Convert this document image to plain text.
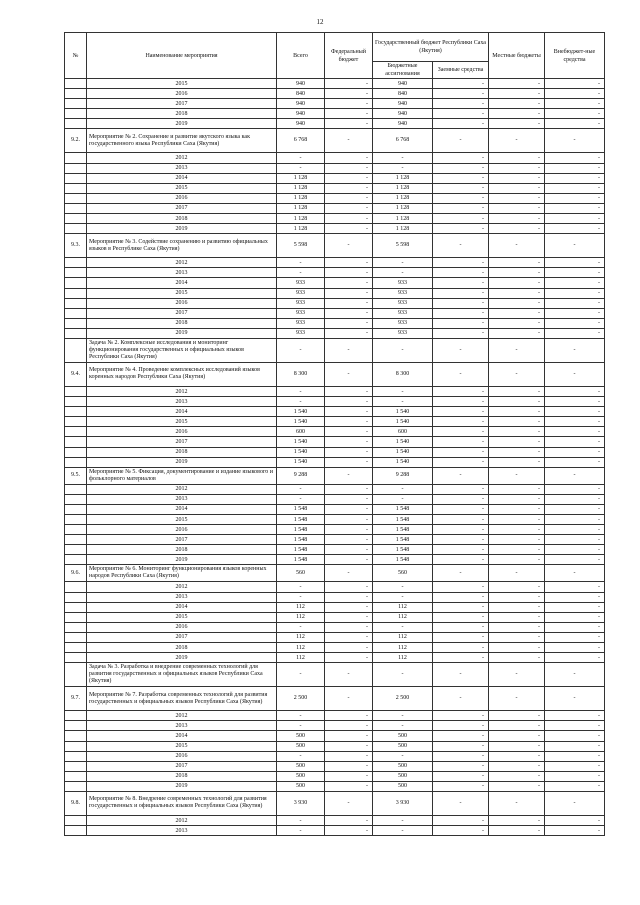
12
№	Наименование мероприятия	Всего	Федеральный бюджет	Государственный бюджет Республики Саха (Якутия)		Местные бюджеты	Внебюджет-ные средства
				Бюджетные ассигнования	Заемные средства		
	2015	940	-	940	-	-	-
	2016	840	-	840	-	-	-
	2017	940	-	940	-	-	-
	2018	940	-	940	-	-	-
	2019	940	-	940	-	-	-
9.2.	Мероприятие № 2. Сохранение и развитие якутского языка как государственного языка Республики Саха (Якутия)	6 768	-	6 768	-	-	-
	2012	-	-	-	-	-	-
	2013	-	-	-	-	-	-
	2014	1 128	-	1 128	-	-	-
	2015	1 128	-	1 128	-	-	-
	2016	1 128	-	1 128	-	-	-
	2017	1 128	-	1 128	-	-	-
	2018	1 128	-	1 128	-	-	-
	2019	1 128	-	1 128	-	-	-
9.3.	Мероприятие № 3. Содействие сохранению и развитию официальных языков в Республике Саха (Якутия)	5 598	-	5 598	-	-	-
	2012	-	-	-	-	-	-
	2013	-	-	-	-	-	-
	2014	933	-	933	-	-	-
	2015	933	-	933	-	-	-
	2016	933	-	933	-	-	-
	2017	933	-	933	-	-	-
	2018	933	-	933	-	-	-
	2019	933	-	933	-	-	-
	Задача № 2. Комплексные исследования и мониторинг функционирования государственных и официальных языков Республики Саха (Якутия)	-	-	-	-	-	-
9.4.	Мероприятие № 4. Проведение комплексных исследований языков коренных народов Республики Саха (Якутия)	8 300	-	8 300	-	-	-
	2012	-	-	-	-	-	-
	2013	-	-	-	-	-	-
	2014	1 540	-	1 540	-	-	-
	2015	1 540	-	1 540	-	-	-
	2016	600	-	600	-	-	-
	2017	1 540	-	1 540	-	-	-
	2018	1 540	-	1 540	-	-	-
	2019	1 540	-	1 540	-	-	-
9.5.	Мероприятие № 5. Фиксация, документирование и издание языкового и фольклорного материалов	9 288	-	9 288	-	-	-
	2012	-	-	-	-	-	-
	2013	-	-	-	-	-	-
	2014	1 548	-	1 548	-	-	-
	2015	1 548	-	1 548	-	-	-
	2016	1 548	-	1 548	-	-	-
	2017	1 548	-	1 548	-	-	-
	2018	1 548	-	1 548	-	-	-
	2019	1 548	-	1 548	-	-	-
9.6.	Мероприятие № 6. Мониторинг функционирования языков коренных народов Республики Саха (Якутия)	560	-	560	-	-	-
	2012	-	-	-	-	-	-
	2013	-	-	-	-	-	-
	2014	112	-	112	-	-	-
	2015	112	-	112	-	-	-
	2016	-	-	-	-	-	-
	2017	112	-	112	-	-	-
	2018	112	-	112	-	-	-
	2019	112	-	112	-	-	-
	Задача № 3. Разработка и внедрение современных технологий для развития государственных и официальных языков Республики Саха (Якутия)	-	-	-	-	-	-
9.7.	Мероприятие № 7. Разработка современных технологий для развития государственных и официальных языков Республики Саха (Якутия)	2 500	-	2 500	-	-	-
	2012	-	-	-	-	-	-
	2013	-	-	-	-	-	-
	2014	500	-	500	-	-	-
	2015	500	-	500	-	-	-
	2016	-	-	-	-	-	-
	2017	500	-	500	-	-	-
	2018	500	-	500	-	-	-
	2019	500	-	500	-	-	-
9.8.	Мероприятие № 8. Внедрение современных технологий для развития государственных и официальных языков Республики Саха (Якутия)	3 930	-	3 930	-	-	-
	2012	-	-	-	-	-	-
	2013	-	-	-	-	-	-
